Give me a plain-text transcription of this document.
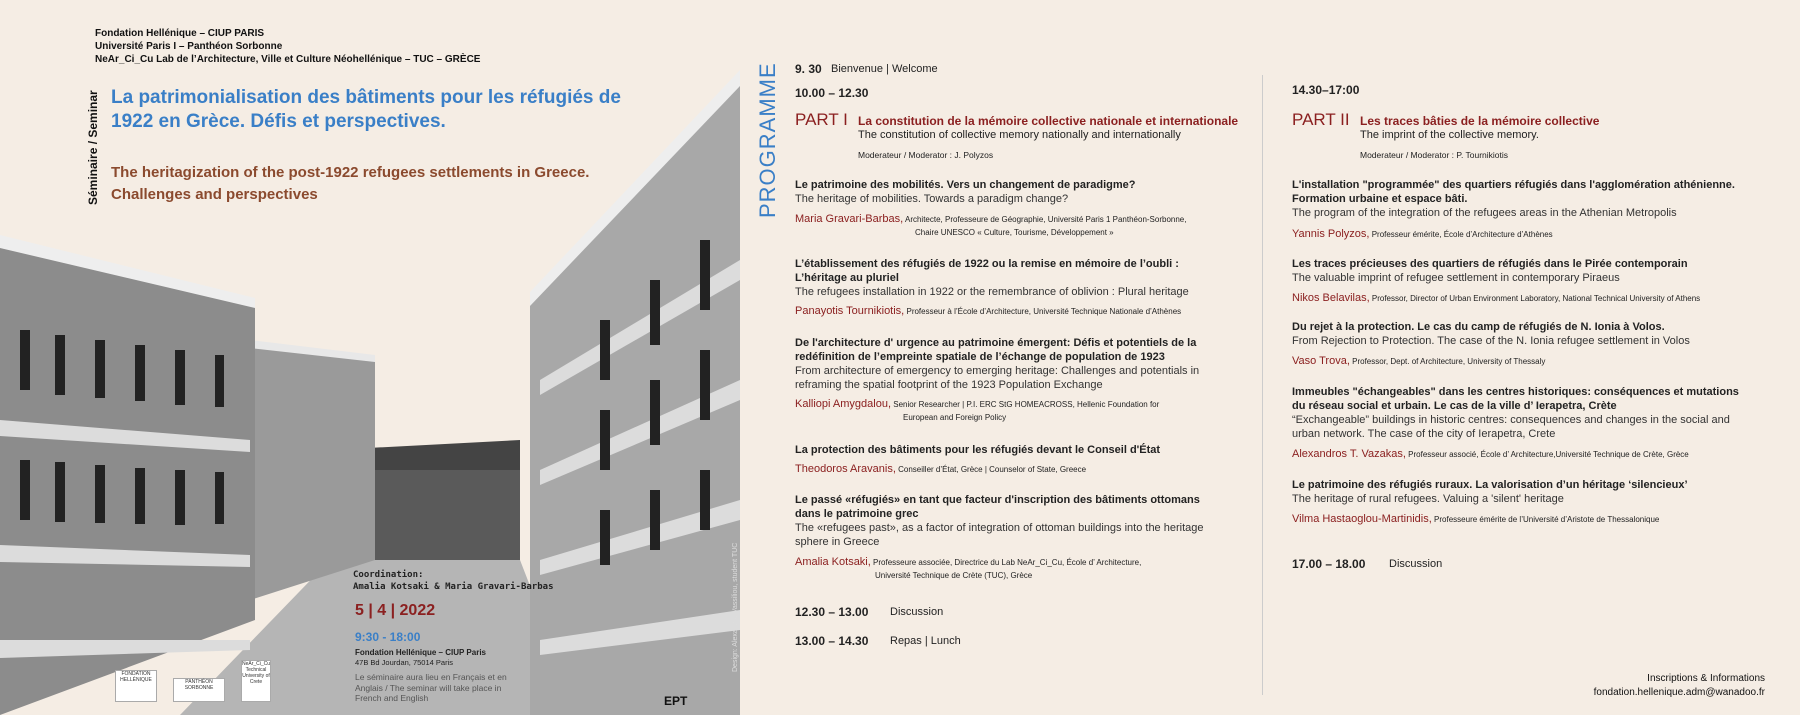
Fondation Hellénique – CIUP PARIS
Université Paris I – Panthéon Sorbonne
NeAr_Ci_Cu Lab de l’Architecture, Ville et Culture Néohellénique – TUC – GRÈCE
Séminaire / Seminar La patrimonialisation des bâtiments pour les réfugiés de 1922 en Grèce. Défis et perspectives.
The heritagization of the post-1922 refugees settlements in Greece. Challenges and perspectives
Coordination:
Amalia Kotsaki & Maria Gravari-Barbas
5 | 4 | 2022
9:30 - 18:00
Fondation Hellénique – CIUP Paris
47B Bd Jourdan, 75014 Paris
Le séminaire aura lieu en Français et en Anglais / The seminar will take place in French and English
FONDATION HELLÉNIQUE	PANTHÉON SORBONNE
NeAr_Ci_Cu Technical University of Crete
EPT
Design: Alexandra Vassiliou, student TUC
PROGRAMME 9. 30 Bienvenue | Welcome
10.00 – 12.30
PART I La constitution de la mémoire collective nationale et internationale
The constitution of collective memory nationally and internationally
Moderateur / Moderator : J. Polyzos
Le patrimoine des mobilités. Vers un changement de paradigme?
The heritage of mobilities. Towards a paradigm change?
Maria Gravari-Barbas, Architecte, Professeure de Géographie, Université Paris 1 Panthéon-Sorbonne,
Chaire UNESCO « Culture, Tourisme, Développement »
L’établissement des réfugiés de 1922 ou la remise en mémoire de l’oubli :
L’héritage au pluriel
The refugees installation in 1922 or the remembrance of oblivion : Plural heritage
Panayotis Tournikiotis, Professeur à l’École d’Architecture, Université Technique Nationale d’Athènes
De l'architecture d' urgence au patrimoine émergent: Défis et potentiels de la
redéfinition de l’empreinte spatiale de l’échange de population de 1923
From architecture of emergency to emerging heritage: Challenges and potentials in
reframing the spatial footprint of the 1923 Population Exchange
Kalliopi Amygdalou, Senior Researcher | P.I. ERC StG HOMEACROSS, Hellenic Foundation for
European and Foreign Policy
La protection des bâtiments pour les réfugiés devant le Conseil d'État
Theodoros Aravanis, Conseiller d’État, Grèce | Counselor of State, Greece
Le passé «réfugiés» en tant que facteur d'inscription des bâtiments ottomans
dans le patrimoine grec
The «refugees past», as a factor of integration of ottoman buildings into the heritage
sphere in Greece
Amalia Kotsaki, Professeure associée, Directrice du Lab NeAr_Ci_Cu, École d’ Architecture,
Université Technique de Crète (TUC), Grèce
12.30 – 13.00 Discussion
13.00 – 14.30 Repas | Lunch
14.30–17:00
PART II Les traces bâties de la mémoire collective
The imprint of the collective memory.
Moderateur / Moderator : P. Tournikiotis
L'installation "programmée" des quartiers réfugiés dans l'agglomération athénienne.
Formation urbaine et espace bâti.
The program of the integration of the refugees areas in the Athenian Metropolis
Yannis Polyzos, Professeur émérite, École d’Architecture d’Athènes
Les traces précieuses des quartiers de réfugiés dans le Pirée contemporain
The valuable imprint of refugee settlement in contemporary Piraeus
Nikos Belavilas, Professor, Director of Urban Environment Laboratory, National Technical University of Athens
Du rejet à la protection. Le cas du camp de réfugiés de N. Ionia à Volos.
From Rejection to Protection. The case of the N. Ionia refugee settlement in Volos
Vaso Trova, Professor, Dept. of Architecture, University of Thessaly
Immeubles "échangeables" dans les centres historiques: conséquences et mutations
du réseau social et urbain. Le cas de la ville d’ Ierapetra, Crète
“Exchangeable” buildings in historic centres: consequences and changes in the social and
urban network. The case of the city of Ierapetra, Crete
Alexandros T. Vazakas, Professeur associé, École d’ Architecture,Université Technique de Crète, Grèce
Le patrimoine des réfugiés ruraux. La valorisation d’un héritage ‘silencieux’
The heritage of rural refugees. Valuing a 'silent' heritage
Vilma Hastaoglou-Martinidis, Professeure émérite de l’Université d’Aristote de Thessalonique
17.00 – 18.00 Discussion
Inscriptions & Informations
fondation.hellenique.adm@wanadoo.fr
